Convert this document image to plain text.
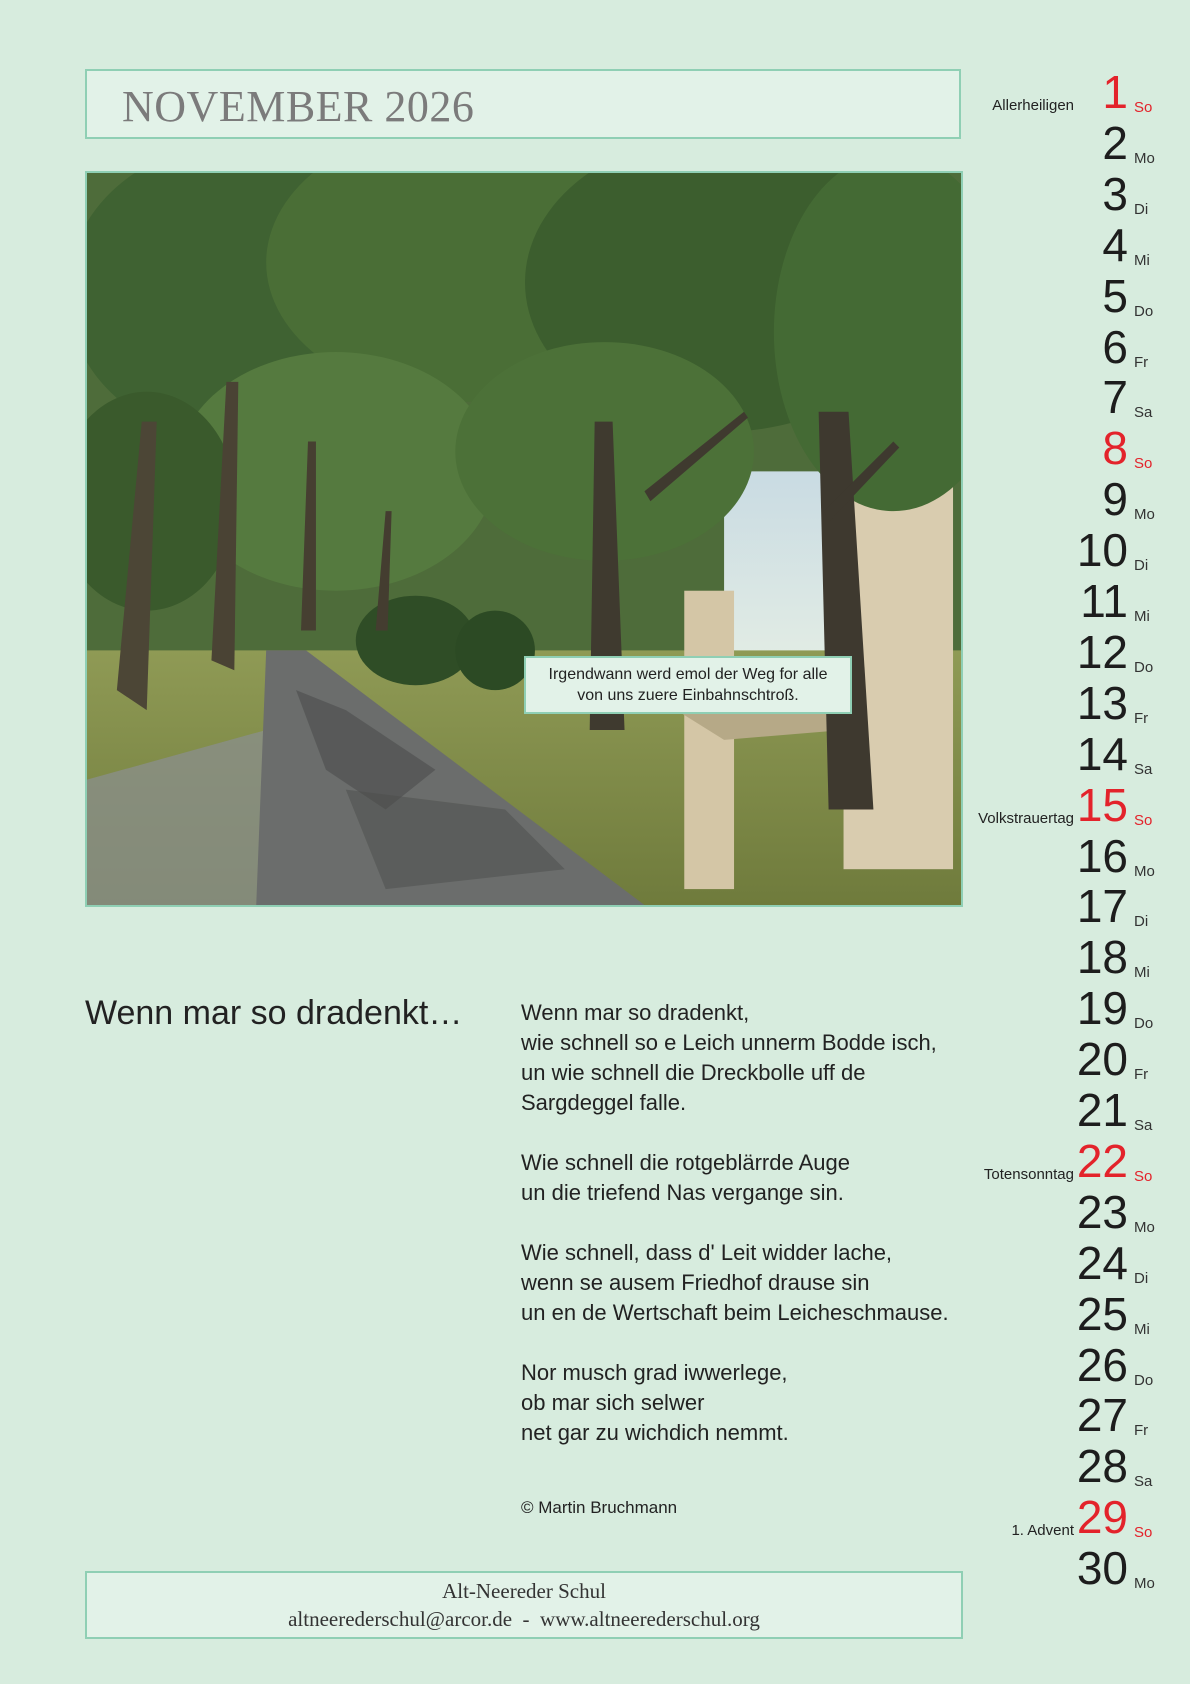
NOVEMBER 2026
Irgendwann werd emol der Weg for alle
von uns zuere Einbahnschtroß.
Wenn mar so dradenkt…	Wenn mar so dradenkt,
wie schnell so e Leich unnerm Bodde isch,
un wie schnell die Dreckbolle uff de
Sargdeggel falle.
Wie schnell die rotgeblärrde Auge
un die triefend Nas vergange sin.
Wie schnell, dass d' Leit widder lache,
wenn se ausem Friedhof drause sin
un en de Wertschaft beim Leicheschmause.
Nor musch grad iwwerlege,
ob mar sich selwer
net gar zu wichdich nemmt.
© Martin Bruchmann
Alt-Neereder Schul
altneerederschul@arcor.de  -  www.altneerederschul.org
Allerheiligen 1 So
2 Mo
3 Di
4 Mi
5 Do
6 Fr
7 Sa
8 So
9 Mo
10 Di
11 Mi
12 Do
13 Fr
14 Sa
Volkstrauertag 15 So
16 Mo
17 Di
18 Mi
19 Do
20 Fr
21 Sa
Totensonntag 22 So
23 Mo
24 Di
25 Mi
26 Do
27 Fr
28 Sa
1. Advent 29 So
30 Mo
